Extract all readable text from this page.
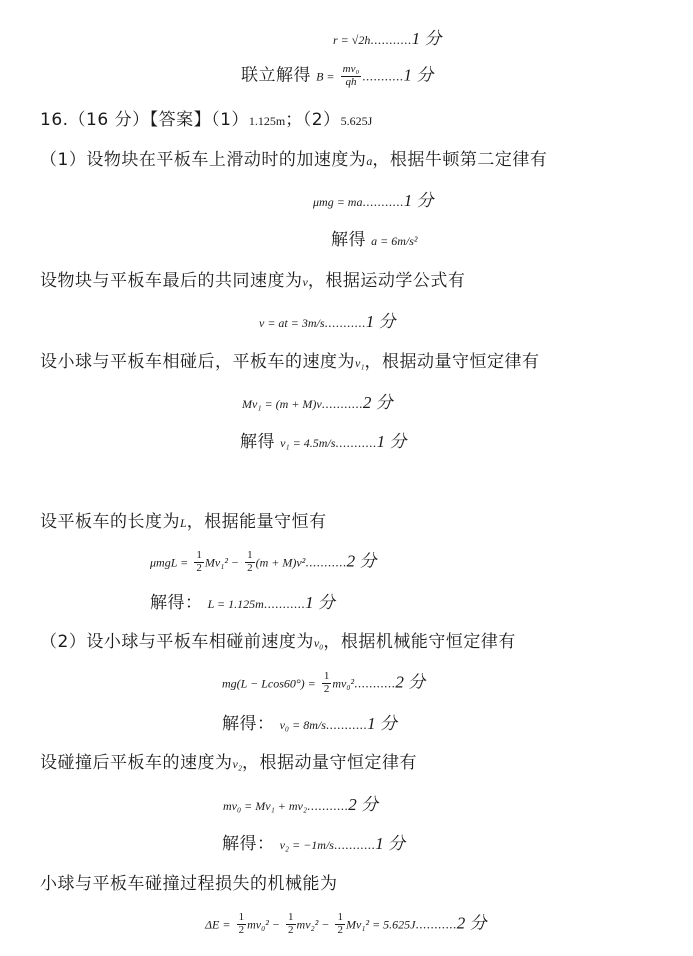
r = √2h...........1 分
联立解得 $B = \frac{\text{mv₀}}{qh} ...........1$ 分
16.（16 分）【答案】（1）1.125m；（2）5.625J
（1）设物块在平板车上滑动时的加速度为a，根据牛顿第二定律有
μmg = ma...........1 分
解得 a = 6m/s²
设物块与平板车最后的共同速度为v，根据运动学公式有
v = at = 3m/s...........1 分
设小球与平板车相碰后，平板车的速度为v₁，根据动量守恒定律有
Mv₁ = (m + M)v...........2 分
解得 v₁ = 4.5m/s...........1 分
设平板车的长度为L，根据能量守恒有
$\mu mgL = \frac{1}{2} Mv_1^2 - \frac{1}{2} (m + M)v^2...........2$ 分
解得： L = 1.125m...........1 分
（2）设小球与平板车相碰前速度为v₀，根据机械能守恒定律有
$mg(L - Lcos60^\circ) = \frac{1}{2} mv_0^2...........2$ 分
解得： v₀ = 8m/s...........1 分
设碰撞后平板车的速度为v₂，根据动量守恒定律有
mv₀ = Mv₁ + mv₂...........2 分
解得： v₂ = −1m/s...........1 分
小球与平板车碰撞过程损失的机械能为
$\Delta E = \frac{1}{2} mv_0^2 - \frac{1}{2} mv_2^2 - \frac{1}{2} Mv_1^2 = 5.625J...........2$ 分
